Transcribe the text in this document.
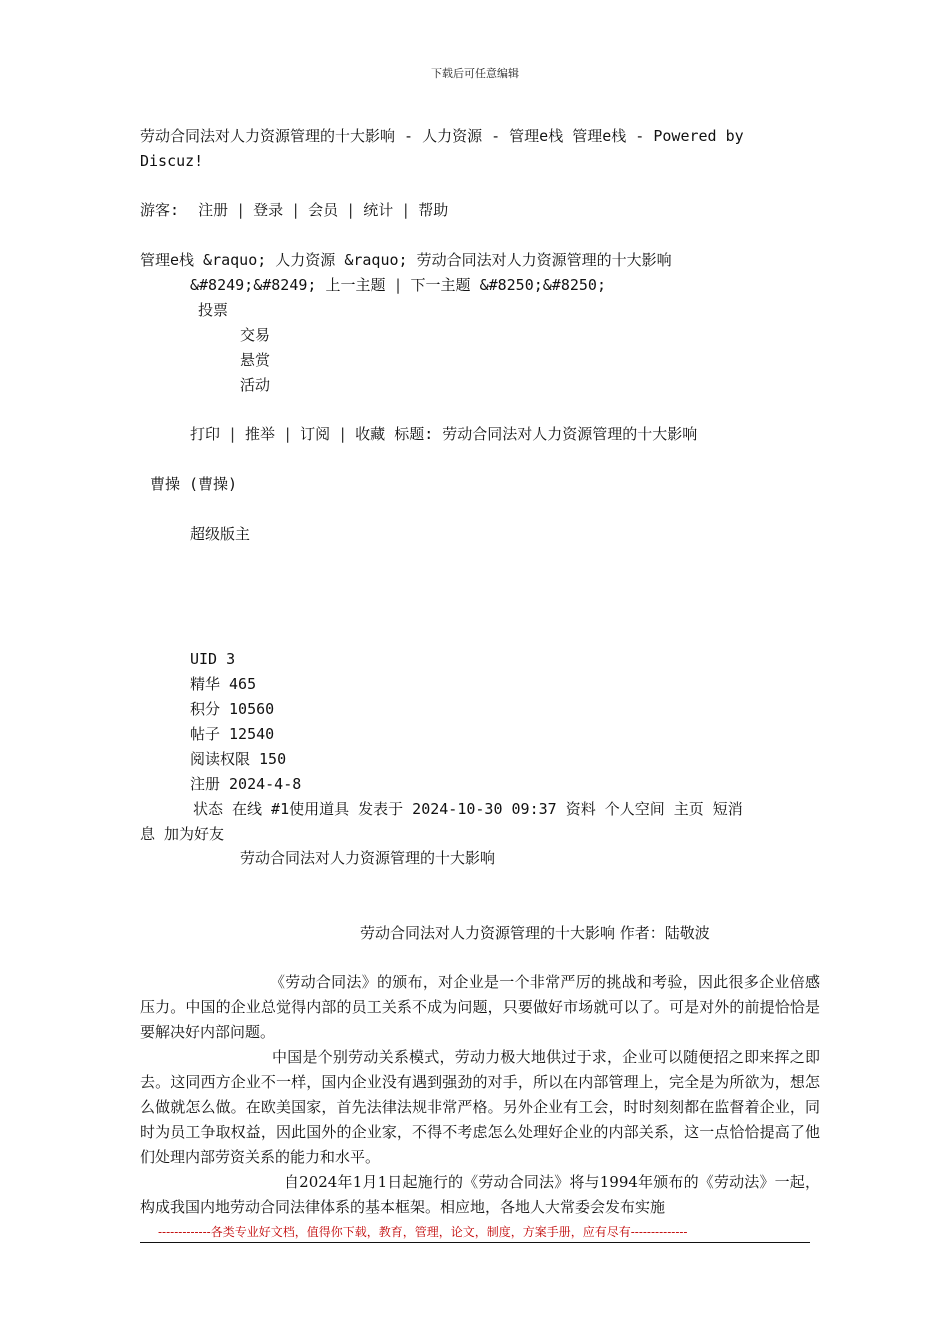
下载后可任意编辑
劳动合同法对人力资源管理的十大影响 - 人力资源 - 管理e栈 管理e栈 - Powered by
Discuz!
游客: 注册 | 登录 | 会员 | 统计 | 帮助
管理e栈 &raquo; 人力资源 &raquo; 劳动合同法对人力资源管理的十大影响
&#8249;&#8249; 上一主题 | 下一主题 &#8250;&#8250;
投票
交易
悬赏
活动
打印 | 推举 | 订阅 | 收藏 标题: 劳动合同法对人力资源管理的十大影响
曹操 (曹操)
超级版主
UID 3
精华 465
积分 10560
帖子 12540
阅读权限 150
注册 2024-4-8
状态 在线 #1使用道具 发表于 2024-10-30 09:37 资料 个人空间 主页 短消
息 加为好友
劳动合同法对人力资源管理的十大影响
劳动合同法对人力资源管理的十大影响 作者：陆敬波
《劳动合同法》的颁布，对企业是一个非常严厉的挑战和考验，因此很多企业倍感压力。中国的企业总觉得内部的员工关系不成为问题，只要做好市场就可以了。可是对外的前提恰恰是要解决好内部问题。
中国是个别劳动关系模式，劳动力极大地供过于求，企业可以随便招之即来挥之即去。这同西方企业不一样，国内企业没有遇到强劲的对手，所以在内部管理上，完全是为所欲为，想怎么做就怎么做。在欧美国家，首先法律法规非常严格。另外企业有工会，时时刻刻都在监督着企业，同时为员工争取权益，因此国外的企业家，不得不考虑怎么处理好企业的内部关系，这一点恰恰提高了他们处理内部劳资关系的能力和水平。
自2024年1月1日起施行的《劳动合同法》将与1994年颁布的《劳动法》一起，构成我国内地劳动合同法律体系的基本框架。相应地，各地人大常委会发布实施
-------------各类专业好文档，值得你下载，教育，管理，论文，制度，方案手册，应有尽有--------------
